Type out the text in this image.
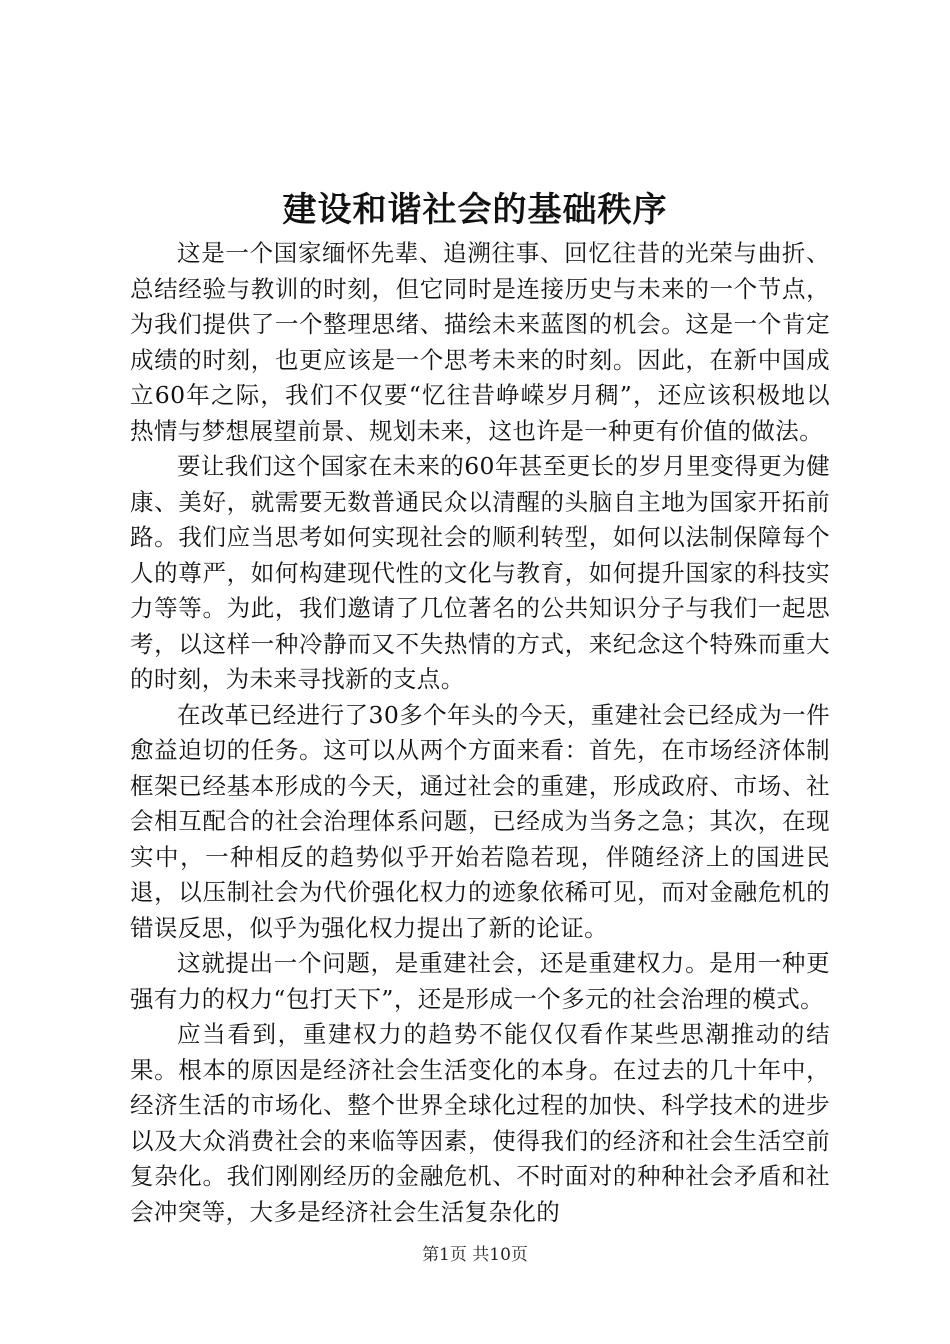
建设和谐社会的基础秩序

这是一个国家缅怀先辈、追溯往事、回忆往昔的光荣与曲折、总结经验与教训的时刻，但它同时是连接历史与未来的一个节点，为我们提供了一个整理思绪、描绘未来蓝图的机会。这是一个肯定成绩的时刻，也更应该是一个思考未来的时刻。因此，在新中国成立60年之际，我们不仅要“忆往昔峥嵘岁月稠”，还应该积极地以热情与梦想展望前景、规划未来，这也许是一种更有价值的做法。

要让我们这个国家在未来的60年甚至更长的岁月里变得更为健康、美好，就需要无数普通民众以清醒的头脑自主地为国家开拓前路。我们应当思考如何实现社会的顺利转型，如何以法制保障每个人的尊严，如何构建现代性的文化与教育，如何提升国家的科技实力等等。为此，我们邀请了几位著名的公共知识分子与我们一起思考，以这样一种冷静而又不失热情的方式，来纪念这个特殊而重大的时刻，为未来寻找新的支点。

在改革已经进行了30多个年头的今天，重建社会已经成为一件愈益迫切的任务。这可以从两个方面来看：首先，在市场经济体制框架已经基本形成的今天，通过社会的重建，形成政府、市场、社会相互配合的社会治理体系问题，已经成为当务之急；其次，在现实中，一种相反的趋势似乎开始若隐若现，伴随经济上的国进民退，以压制社会为代价强化权力的迹象依稀可见，而对金融危机的错误反思，似乎为强化权力提出了新的论证。

这就提出一个问题，是重建社会，还是重建权力。是用一种更强有力的权力“包打天下”，还是形成一个多元的社会治理的模式。

应当看到，重建权力的趋势不能仅仅看作某些思潮推动的结果。根本的原因是经济社会生活变化的本身。在过去的几十年中，经济生活的市场化、整个世界全球化过程的加快、科学技术的进步以及大众消费社会的来临等因素，使得我们的经济和社会生活空前复杂化。我们刚刚经历的金融危机、不时面对的种种社会矛盾和社会冲突等，大多是经济社会生活复杂化的

第1页 共10页
